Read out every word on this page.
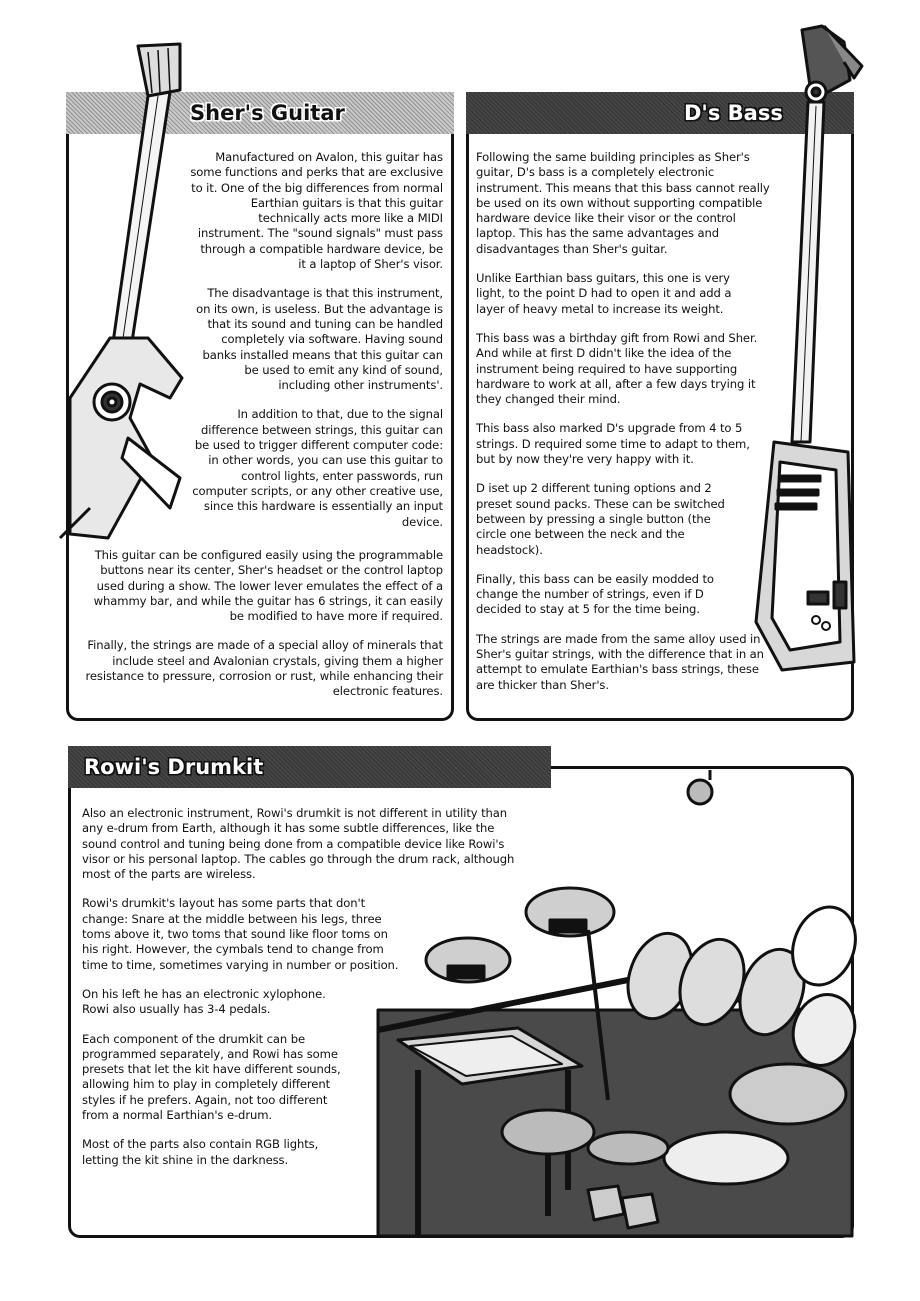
Sher's Guitar

Manufactured on Avalon, this guitar has some functions and perks that are exclusive to it. One of the big differences from normal Earthian guitars is that this guitar technically acts more like a MIDI instrument. The "sound signals" must pass through a compatible hardware device, be it a laptop of Sher's visor.

The disadvantage is that this instrument, on its own, is useless. But the advantage is that its sound and tuning can be handled completely via software. Having sound banks installed means that this guitar can be used to emit any kind of sound, including other instruments'.

In addition to that, due to the signal difference between strings, this guitar can be used to trigger different computer code: in other words, you can use this guitar to control lights, enter passwords, run computer scripts, or any other creative use, since this hardware is essentially an input device.

This guitar can be configured easily using the programmable buttons near its center, Sher's headset or the control laptop used during a show. The lower lever emulates the effect of a whammy bar, and while the guitar has 6 strings, it can easily be modified to have more if required.

Finally, the strings are made of a special alloy of minerals that include steel and Avalonian crystals, giving them a higher resistance to pressure, corrosion or rust, while enhancing their electronic features.

D's Bass

Following the same building principles as Sher's guitar, D's bass is a completely electronic instrument. This means that this bass cannot really be used on its own without supporting compatible hardware device like their visor or the control laptop. This has the same advantages and disadvantages than Sher's guitar.

Unlike Earthian bass guitars, this one is very light, to the point D had to open it and add a layer of heavy metal to increase its weight.

This bass was a birthday gift from Rowi and Sher. And while at first D didn't like the idea of the instrument being required to have supporting hardware to work at all, after a few days trying it they changed their mind.

This bass also marked D's upgrade from 4 to 5 strings. D required some time to adapt to them, but by now they're very happy with it.

D iset up 2 different tuning options and 2 preset sound packs. These can be switched between by pressing a single button (the circle one between the neck and the headstock).

Finally, this bass can be easily modded to change the number of strings, even if D decided to stay at 5 for the time being.

The strings are made from the same alloy used in Sher's guitar strings, with the difference that in an attempt to emulate Earthian's bass strings, these are thicker than Sher's.

Rowi's Drumkit

Also an electronic instrument, Rowi's drumkit is not different in utility than any e-drum from Earth, although it has some subtle differences, like the sound control and tuning being done from a compatible device like Rowi's visor or his personal laptop. The cables go through the drum rack, although most of the parts are wireless.

Rowi's drumkit's layout has some parts that don't change: Snare at the middle between his legs, three toms above it, two toms that sound like floor toms on his right. However, the cymbals tend to change from time to time, sometimes varying in number or position.

On his left he has an electronic xylophone. Rowi also usually has 3-4 pedals.

Each component of the drumkit can be programmed separately, and Rowi has some presets that let the kit have different sounds, allowing him to play in completely different styles if he prefers. Again, not too different from a normal Earthian's e-drum.

Most of the parts also contain RGB lights, letting the kit shine in the darkness.
